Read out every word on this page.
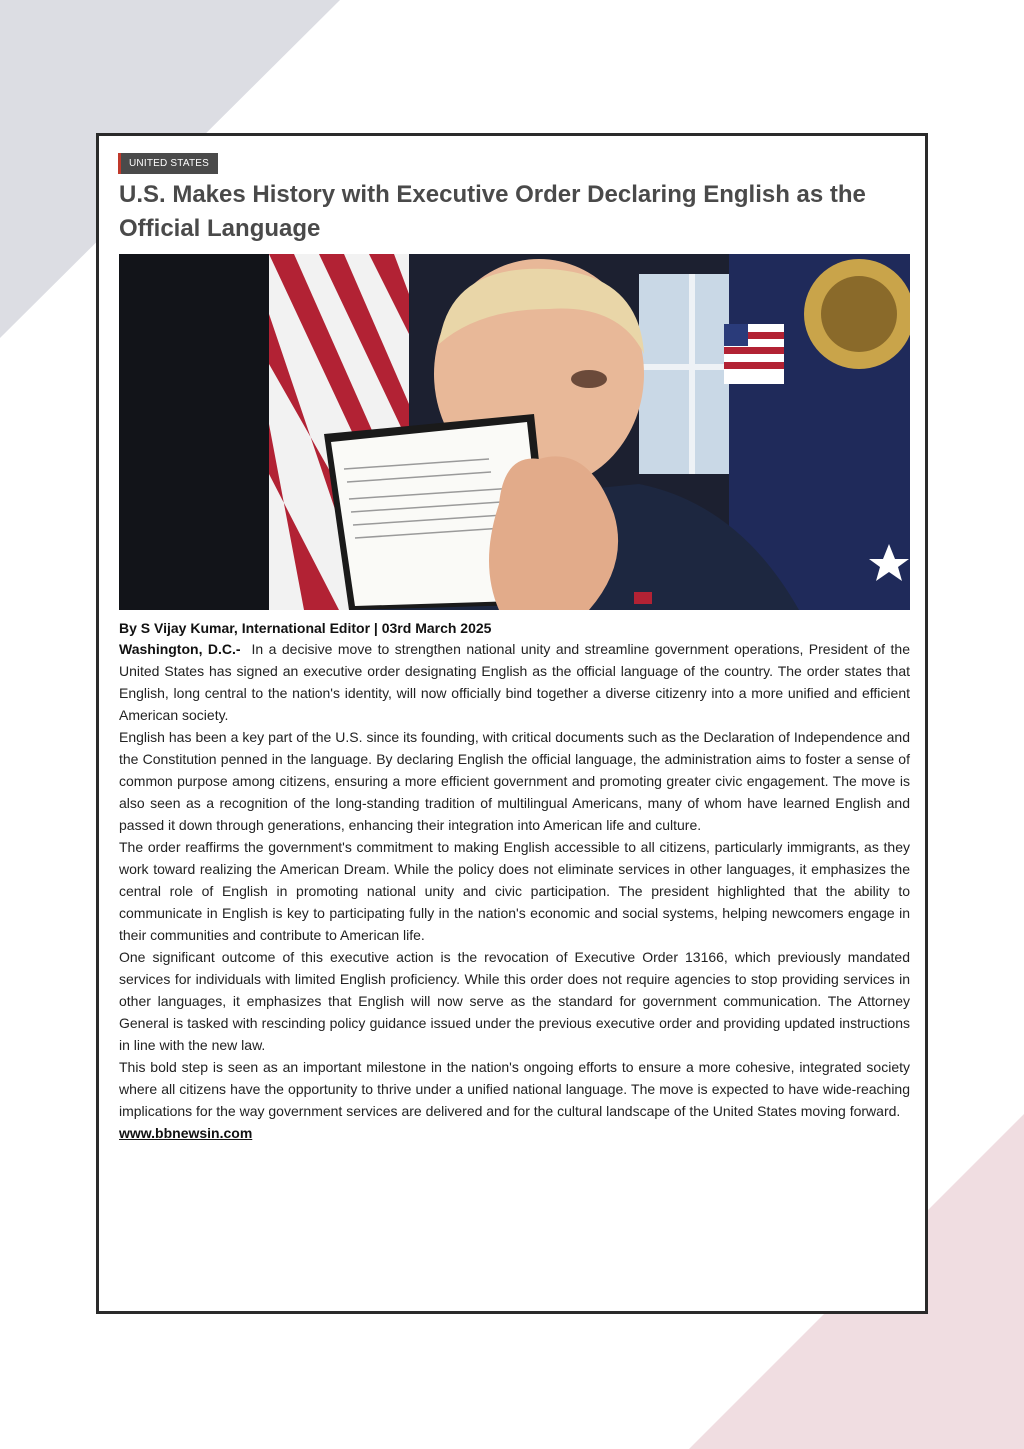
UNITED STATES
U.S. Makes History with Executive Order Declaring English as the Official Language

By S Vijay Kumar, International Editor | 03rd March 2025

Washington, D.C.- In a decisive move to strengthen national unity and streamline government operations, President of the United States has signed an executive order designating English as the official language of the country. The order states that English, long central to the nation's identity, will now officially bind together a diverse citizenry into a more unified and efficient American society.

English has been a key part of the U.S. since its founding, with critical documents such as the Declaration of Independence and the Constitution penned in the language. By declaring English the official language, the administration aims to foster a sense of common purpose among citizens, ensuring a more efficient government and promoting greater civic engagement. The move is also seen as a recognition of the long-standing tradition of multilingual Americans, many of whom have learned English and passed it down through generations, enhancing their integration into American life and culture.

The order reaffirms the government's commitment to making English accessible to all citizens, particularly immigrants, as they work toward realizing the American Dream. While the policy does not eliminate services in other languages, it emphasizes the central role of English in promoting national unity and civic participation. The president highlighted that the ability to communicate in English is key to participating fully in the nation's economic and social systems, helping newcomers engage in their communities and contribute to American life.

One significant outcome of this executive action is the revocation of Executive Order 13166, which previously mandated services for individuals with limited English proficiency. While this order does not require agencies to stop providing services in other languages, it emphasizes that English will now serve as the standard for government communication. The Attorney General is tasked with rescinding policy guidance issued under the previous executive order and providing updated instructions in line with the new law.

This bold step is seen as an important milestone in the nation's ongoing efforts to ensure a more cohesive, integrated society where all citizens have the opportunity to thrive under a unified national language. The move is expected to have wide-reaching implications for the way government services are delivered and for the cultural landscape of the United States moving forward.

www.bbnewsin.com
